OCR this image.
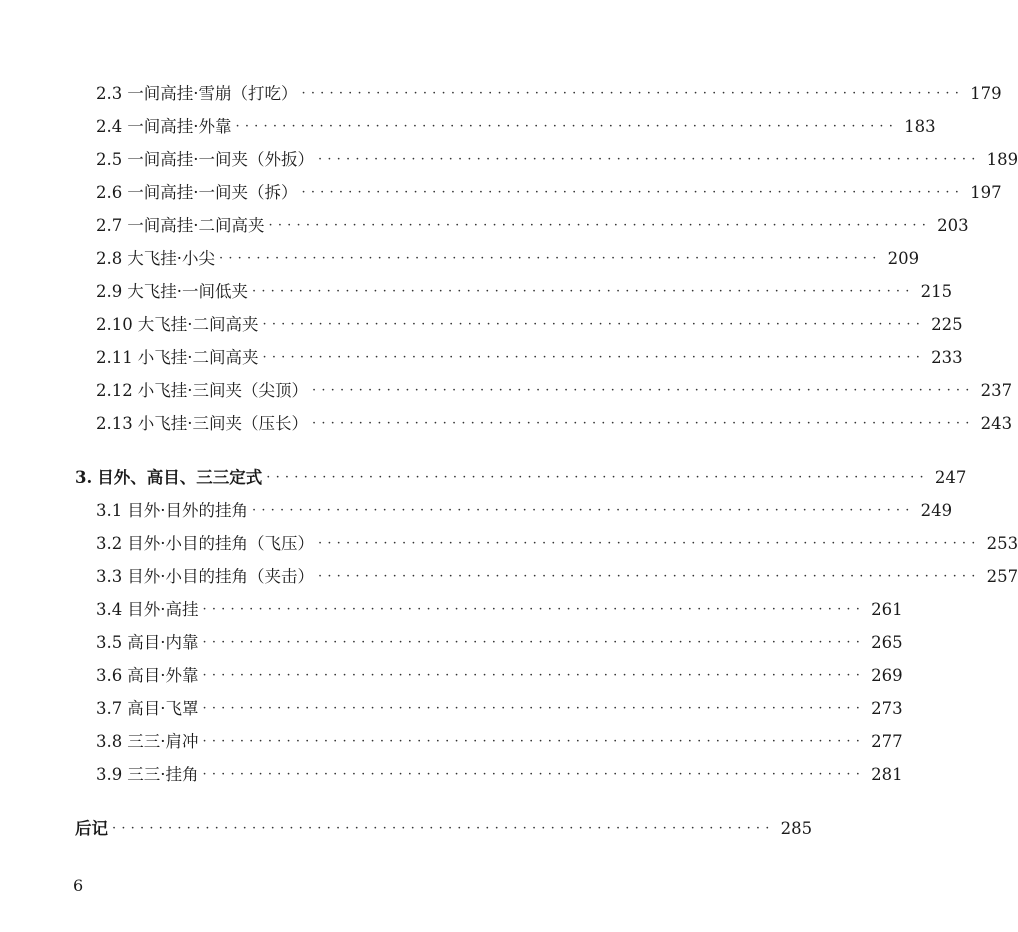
2.3 一间高挂·雪崩（打吃） ······································································· 179
2.4 一间高挂·外靠 ······································································· 183
2.5 一间高挂·一间夹（外扳） ······································································· 189
2.6 一间高挂·一间夹（拆） ······································································· 197
2.7 一间高挂·二间高夹 ······································································· 203
2.8 大飞挂·小尖 ······································································· 209
2.9 大飞挂·一间低夹 ······································································· 215
2.10 大飞挂·二间高夹 ······································································· 225
2.11 小飞挂·二间高夹 ······································································· 233
2.12 小飞挂·三间夹（尖顶） ······································································· 237
2.13 小飞挂·三间夹（压长） ······································································· 243
3. 目外、高目、三三定式 ······································································· 247
3.1 目外·目外的挂角 ······································································· 249
3.2 目外·小目的挂角（飞压） ······································································· 253
3.3 目外·小目的挂角（夹击） ······································································· 257
3.4 目外·高挂 ······································································· 261
3.5 高目·内靠 ······································································· 265
3.6 高目·外靠 ······································································· 269
3.7 高目·飞罩 ······································································· 273
3.8 三三·肩冲 ······································································· 277
3.9 三三·挂角 ······································································· 281
后记 ······································································· 285
6
